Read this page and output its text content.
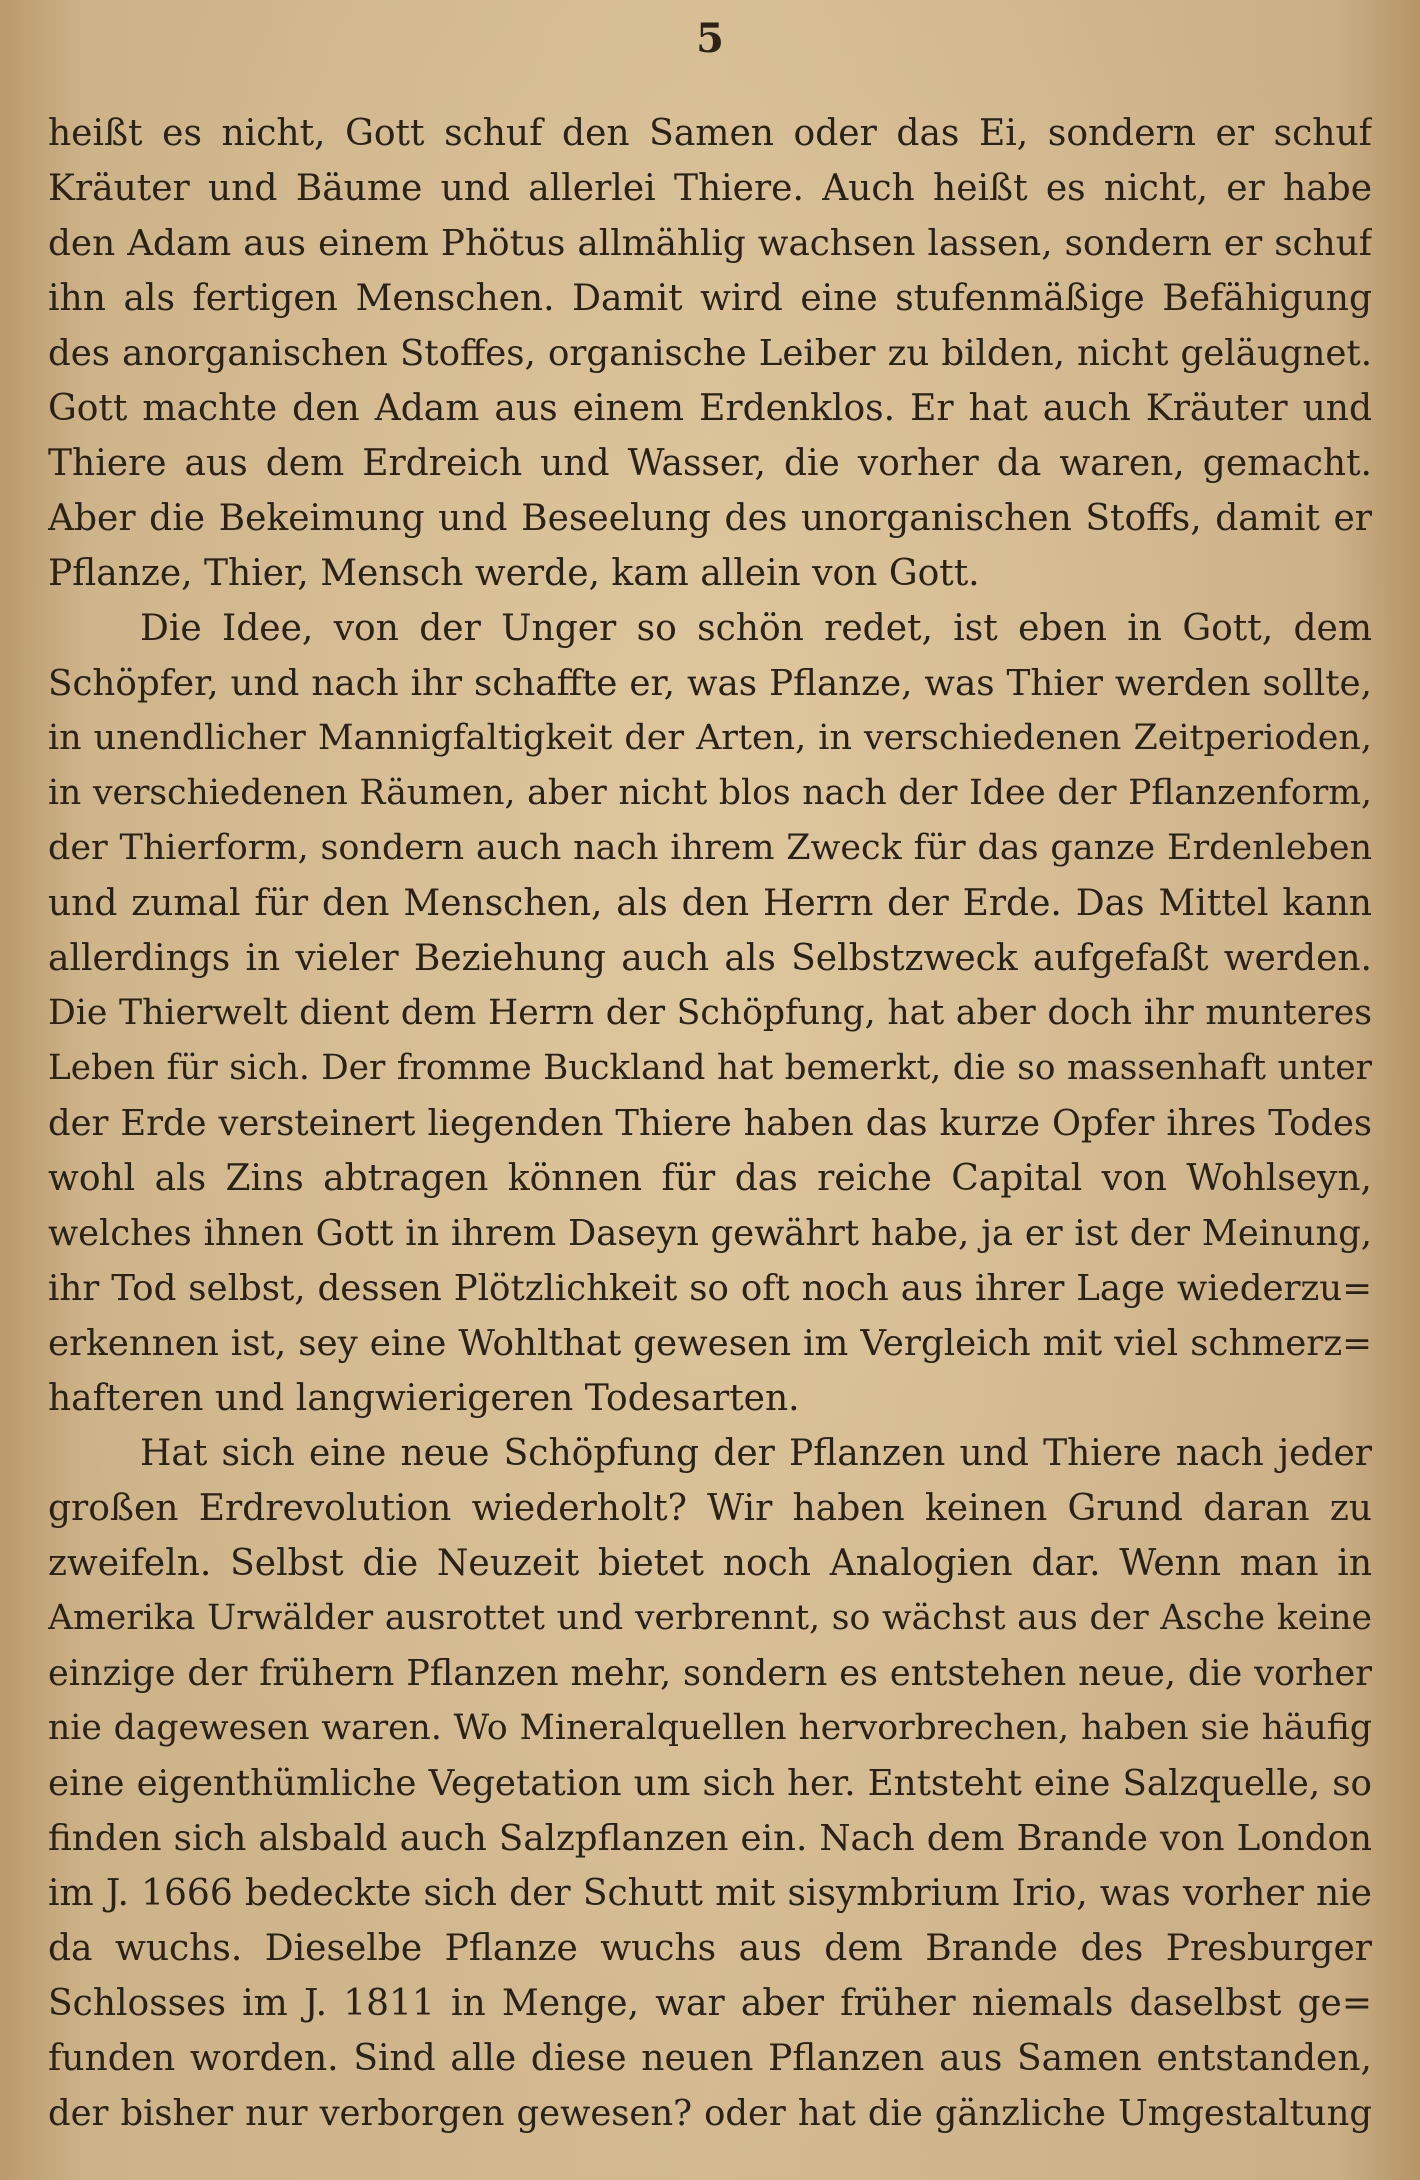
5
heißt es nicht, Gott schuf den Samen oder das Ei, sondern er schuf
Kräuter und Bäume und allerlei Thiere. Auch heißt es nicht, er habe
den Adam aus einem Phötus allmählig wachsen lassen, sondern er schuf
ihn als fertigen Menschen. Damit wird eine stufenmäßige Befähigung
des anorganischen Stoffes, organische Leiber zu bilden, nicht geläugnet.
Gott machte den Adam aus einem Erdenklos. Er hat auch Kräuter und
Thiere aus dem Erdreich und Wasser, die vorher da waren, gemacht.
Aber die Bekeimung und Beseelung des unorganischen Stoffs, damit er
Pflanze, Thier, Mensch werde, kam allein von Gott.
Die Idee, von der Unger so schön redet, ist eben in Gott, dem
Schöpfer, und nach ihr schaffte er, was Pflanze, was Thier werden sollte,
in unendlicher Mannigfaltigkeit der Arten, in verschiedenen Zeitperioden,
in verschiedenen Räumen, aber nicht blos nach der Idee der Pflanzenform,
der Thierform, sondern auch nach ihrem Zweck für das ganze Erdenleben
und zumal für den Menschen, als den Herrn der Erde. Das Mittel kann
allerdings in vieler Beziehung auch als Selbstzweck aufgefaßt werden.
Die Thierwelt dient dem Herrn der Schöpfung, hat aber doch ihr munteres
Leben für sich. Der fromme Buckland hat bemerkt, die so massenhaft unter
der Erde versteinert liegenden Thiere haben das kurze Opfer ihres Todes
wohl als Zins abtragen können für das reiche Capital von Wohlseyn,
welches ihnen Gott in ihrem Daseyn gewährt habe, ja er ist der Meinung,
ihr Tod selbst, dessen Plötzlichkeit so oft noch aus ihrer Lage wiederzu=
erkennen ist, sey eine Wohlthat gewesen im Vergleich mit viel schmerz=
hafteren und langwierigeren Todesarten.
Hat sich eine neue Schöpfung der Pflanzen und Thiere nach jeder
großen Erdrevolution wiederholt? Wir haben keinen Grund daran zu
zweifeln. Selbst die Neuzeit bietet noch Analogien dar. Wenn man in
Amerika Urwälder ausrottet und verbrennt, so wächst aus der Asche keine
einzige der frühern Pflanzen mehr, sondern es entstehen neue, die vorher
nie dagewesen waren. Wo Mineralquellen hervorbrechen, haben sie häufig
eine eigenthümliche Vegetation um sich her. Entsteht eine Salzquelle, so
finden sich alsbald auch Salzpflanzen ein. Nach dem Brande von London
im J. 1666 bedeckte sich der Schutt mit sisymbrium Irio, was vorher nie
da wuchs. Dieselbe Pflanze wuchs aus dem Brande des Presburger
Schlosses im J. 1811 in Menge, war aber früher niemals daselbst ge=
funden worden. Sind alle diese neuen Pflanzen aus Samen entstanden,
der bisher nur verborgen gewesen? oder hat die gänzliche Umgestaltung
